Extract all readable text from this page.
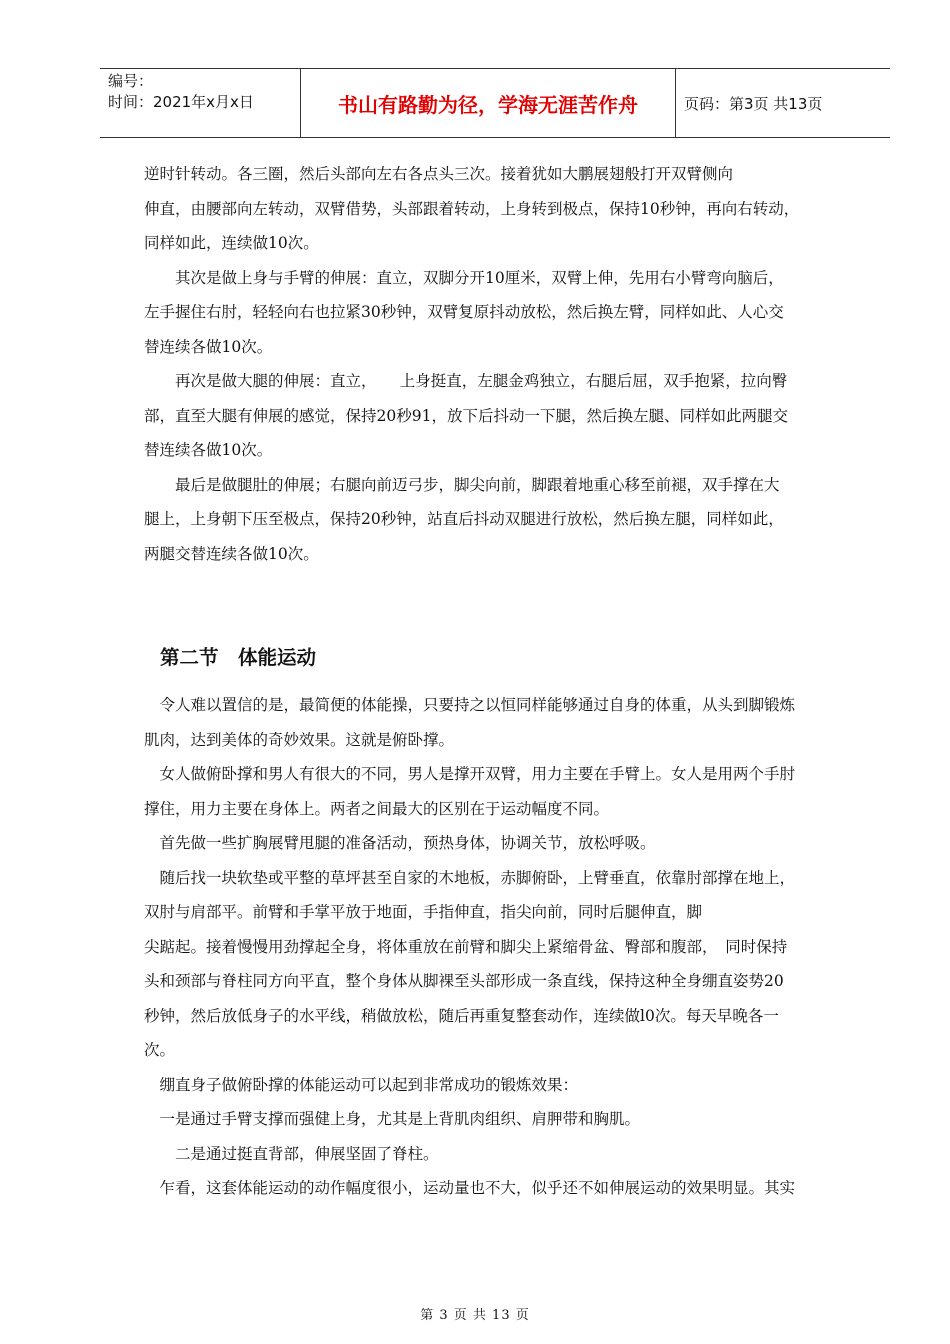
编号：
时间：2021年x月x日	书山有路勤为径，学海无涯苦作舟	页码：第3页 共13页
逆时针转动。各三圈，然后头部向左右各点头三次。接着犹如大鹏展翅般打开双臂侧向
伸直，由腰部向左转动，双臂借势，头部跟着转动，上身转到极点，保持10秒钟，再向右转动，
同样如此，连续做10次。
　　其次是做上身与手臂的伸展：直立，双脚分开10厘米，双臂上伸，先用右小臂弯向脑后，
左手握住右肘，轻轻向右也拉紧30秒钟，双臂复原抖动放松，然后换左臂，同样如此、人心交
替连续各做10次。
　　再次是做大腿的伸展：直立，　　上身挺直，左腿金鸡独立，右腿后屈，双手抱紧，拉向臀
部，直至大腿有伸展的感觉，保持20秒91，放下后抖动一下腿，然后换左腿、同样如此两腿交
替连续各做10次。
　　最后是做腿肚的伸展；右腿向前迈弓步，脚尖向前，脚跟着地重心移至前褪，双手撑在大
腿上，上身朝下压至极点，保持20秒钟，站直后抖动双腿进行放松，然后换左腿，同样如此，
两腿交替连续各做10次。
第二节　体能运动
　令人难以置信的是，最简便的体能操，只要持之以恒同样能够通过自身的体重，从头到脚锻炼
肌肉，达到美体的奇妙效果。这就是俯卧撑。
　女人做俯卧撑和男人有很大的不同，男人是撑开双臂，用力主要在手臂上。女人是用两个手肘
撑住，用力主要在身体上。两者之间最大的区别在于运动幅度不同。
　首先做一些扩胸展臂甩腿的准备活动，预热身体，协调关节，放松呼吸。
　随后找一块软垫或平整的草坪甚至自家的木地板，赤脚俯卧，上臂垂直，依靠肘部撑在地上，
双肘与肩部平。前臂和手掌平放于地面，手指伸直，指尖向前，同时后腿伸直，脚
尖踮起。接着慢慢用劲撑起全身，将体重放在前臂和脚尖上紧缩骨盆、臀部和腹部，　同时保持
头和颈部与脊柱同方向平直，整个身体从脚裸至头部形成一条直线，保持这种全身绷直姿势20
秒钟，然后放低身子的水平线，稍做放松，随后再重复整套动作，连续做l0次。每天早晚各一
次。
　绷直身子做俯卧撑的体能运动可以起到非常成功的锻炼效果：
　一是通过手臂支撑而强健上身，尤其是上背肌肉组织、肩胛带和胸肌。
　　二是通过挺直背部，伸展坚固了脊柱。
　乍看，这套体能运动的动作幅度很小，运动量也不大，似乎还不如伸展运动的效果明显。其实
第 3 页 共 13 页
